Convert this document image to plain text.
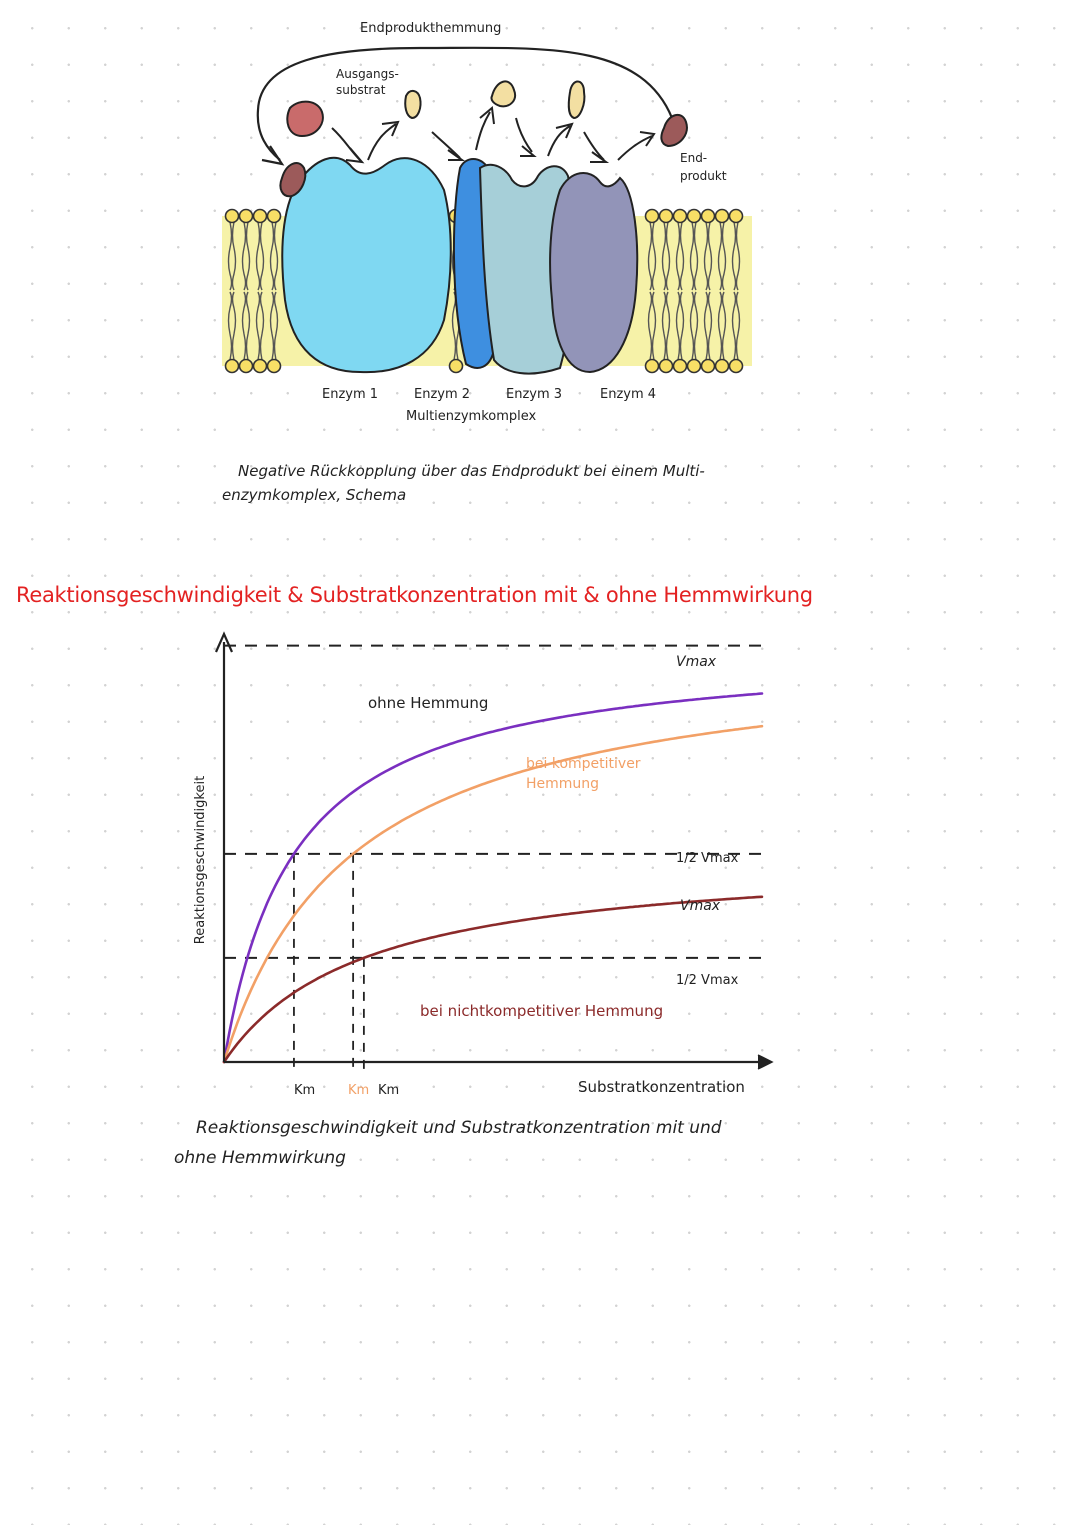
Endprodukthemmung
Ausgangs-
substrat
End-
produkt
Enzym 1	Enzym 2	Enzym 3	Enzym 4
Multienzymkomplex
Negative Rückkopplung über das Endprodukt bei einem Multi-
enzymkomplex, Schema
Reaktionsgeschwindigkeit & Substratkonzentration mit & ohne Hemmwirkung
Reaktionsgeschwindigkeit
Substratkonzentration
ohne Hemmung
bei kompetitiver
Hemmung
bei nichtkompetitiver Hemmung
Vmax
1/2 Vmax
Vmax
1/2 Vmax
Km	Km Km
Reaktionsgeschwindigkeit und Substratkonzentration mit und
ohne Hemmwirkung
